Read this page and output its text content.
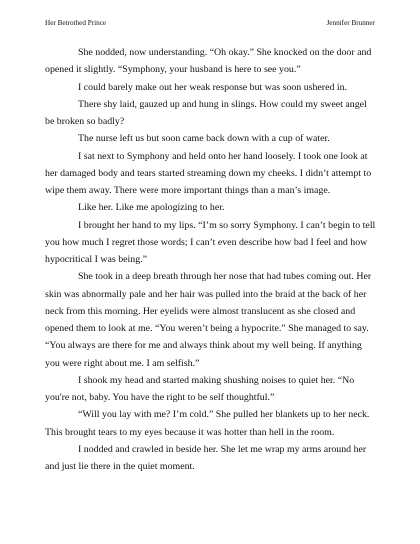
Her Betrothed Prince	Jennifer Brunner

She nodded, now understanding. “Oh okay.” She knocked on the door and opened it slightly. “Symphony, your husband is here to see you.”

I could barely make out her weak response but was soon ushered in.

There shy laid, gauzed up and hung in slings. How could my sweet angel be broken so badly?

The nurse left us but soon came back down with a cup of water.

I sat next to Symphony and held onto her hand loosely. I took one look at her damaged body and tears started streaming down my cheeks. I didn’t attempt to wipe them away. There were more important things than a man’s image.

Like her. Like me apologizing to her.

I brought her hand to my lips. “I’m so sorry Symphony. I can’t begin to tell you how much I regret those words; I can’t even describe how bad I feel and how hypocritical I was being.”

She took in a deep breath through her nose that had tubes coming out. Her skin was abnormally pale and her hair was pulled into the braid at the back of her neck from this morning. Her eyelids were almost translucent as she closed and opened them to look at me. “You weren’t being a hypocrite.” She managed to say. “You always are there for me and always think about my well being. If anything you were right about me. I am selfish.”

I shook my head and started making shushing noises to quiet her. “No you're not, baby. You have the right to be self thoughtful.”

“Will you lay with me? I’m cold.” She pulled her blankets up to her neck. This brought tears to my eyes because it was hotter than hell in the room.

I nodded and crawled in beside her. She let me wrap my arms around her and just lie there in the quiet moment.
